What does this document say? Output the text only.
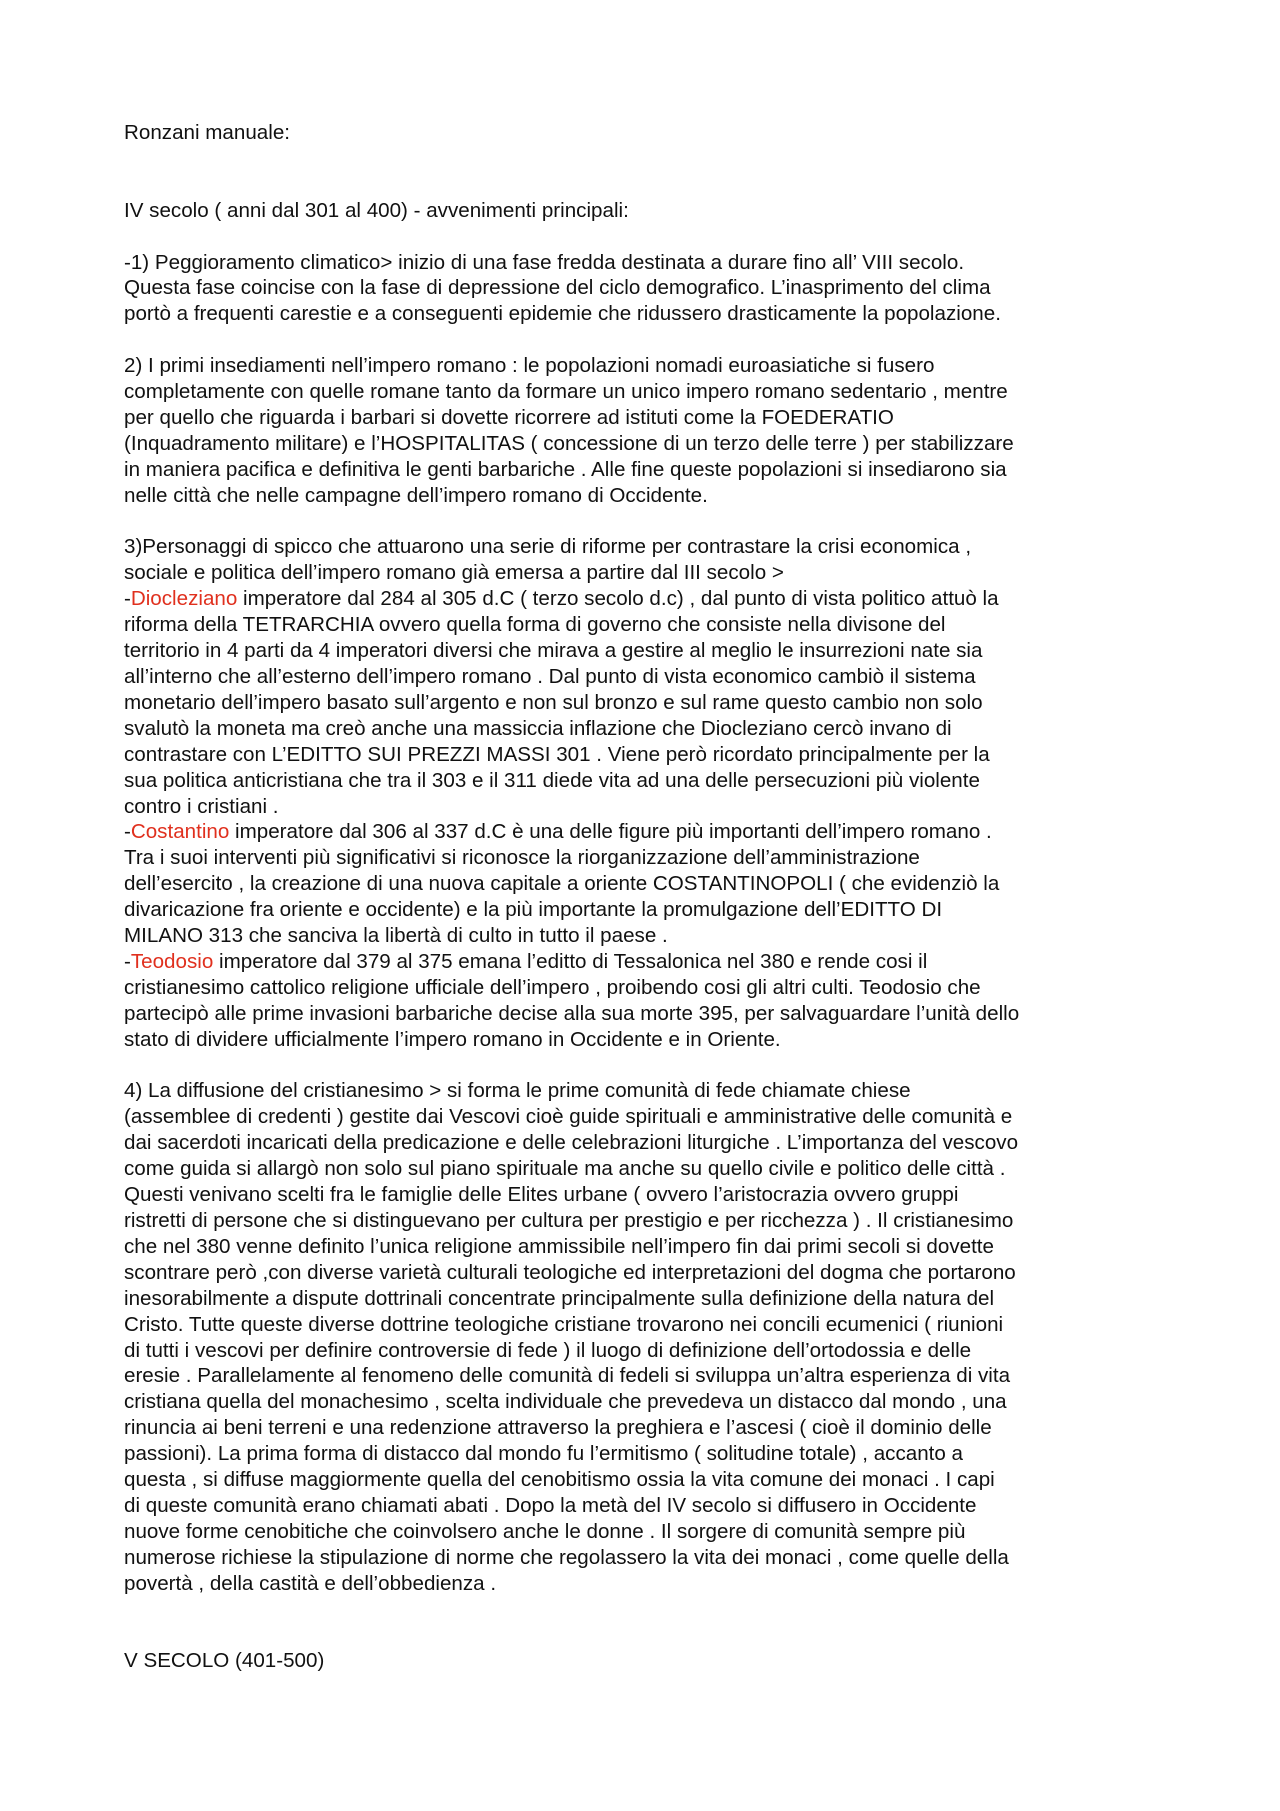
Ronzani manuale:

IV secolo ( anni dal 301 al 400) - avvenimenti principali:

-1) Peggioramento climatico> inizio di una fase fredda destinata a durare fino all’ VIII secolo.

Questa fase coincise con la fase di depressione del ciclo demografico. L’inasprimento del clima

portò a frequenti carestie e a conseguenti epidemie che ridussero drasticamente la popolazione.

2) I primi insediamenti nell’impero romano : le popolazioni nomadi euroasiatiche si fusero

completamente con quelle romane tanto da formare un unico impero romano sedentario , mentre

per quello che riguarda i barbari si dovette ricorrere ad istituti come la FOEDERATIO

(Inquadramento militare) e l’HOSPITALITAS ( concessione di un terzo delle terre ) per stabilizzare

in maniera pacifica e definitiva le genti barbariche . Alle fine queste popolazioni si insediarono sia

nelle città che nelle campagne dell’impero romano di Occidente.

3)Personaggi di spicco che attuarono una serie di riforme per contrastare la crisi economica ,

sociale e politica dell’impero romano già emersa a partire dal III secolo >

-Diocleziano imperatore dal 284 al 305 d.C ( terzo secolo d.c) , dal punto di vista politico attuò la

riforma della TETRARCHIA ovvero quella forma di governo che consiste nella divisone del

territorio in 4 parti da 4 imperatori diversi che mirava a gestire al meglio le insurrezioni nate sia

all’interno che all’esterno dell’impero romano . Dal punto di vista economico cambiò il sistema

monetario dell’impero basato sull’argento e non sul bronzo e sul rame questo cambio non solo

svalutò la moneta ma creò anche una massiccia inflazione che Diocleziano cercò invano di

contrastare con L’EDITTO SUI PREZZI MASSI 301 . Viene però ricordato principalmente per la

sua politica anticristiana che tra il 303 e il 311 diede vita ad una delle persecuzioni più violente

contro i cristiani .

-Costantino imperatore dal 306 al 337 d.C è una delle figure più importanti dell’impero romano .

Tra i suoi interventi più significativi si riconosce la riorganizzazione dell’amministrazione

dell’esercito , la creazione di una nuova capitale a oriente COSTANTINOPOLI ( che evidenziò la

divaricazione fra oriente e occidente) e la più importante la promulgazione dell’EDITTO DI

MILANO 313 che sanciva la libertà di culto in tutto il paese .

-Teodosio imperatore dal 379 al 375 emana l’editto di Tessalonica nel 380 e rende cosi il

cristianesimo cattolico religione ufficiale dell’impero , proibendo cosi gli altri culti. Teodosio che

partecipò alle prime invasioni barbariche decise alla sua morte 395, per salvaguardare l’unità dello

stato di dividere ufficialmente l’impero romano in Occidente e in Oriente.

4) La diffusione del cristianesimo > si forma le prime comunità di fede chiamate chiese

(assemblee di credenti ) gestite dai Vescovi cioè guide spirituali e amministrative delle comunità e

dai sacerdoti incaricati della predicazione e delle celebrazioni liturgiche . L’importanza del vescovo

come guida si allargò non solo sul piano spirituale ma anche su quello civile e politico delle città .

Questi venivano scelti fra le famiglie delle Elites urbane ( ovvero l’aristocrazia ovvero gruppi

ristretti di persone che si distinguevano per cultura per prestigio e per ricchezza ) . Il cristianesimo

che nel 380 venne definito l’unica religione ammissibile nell’impero fin dai primi secoli si dovette

scontrare però ,con diverse varietà culturali teologiche ed interpretazioni del dogma che portarono

inesorabilmente a dispute dottrinali concentrate principalmente sulla definizione della natura del

Cristo. Tutte queste diverse dottrine teologiche cristiane trovarono nei concili ecumenici ( riunioni

di tutti i vescovi per definire controversie di fede ) il luogo di definizione dell’ortodossia e delle

eresie . Parallelamente al fenomeno delle comunità di fedeli si sviluppa un’altra esperienza di vita

cristiana quella del monachesimo , scelta individuale che prevedeva un distacco dal mondo , una

rinuncia ai beni terreni e una redenzione attraverso la preghiera e l’ascesi ( cioè il dominio delle

passioni). La prima forma di distacco dal mondo fu l’ermitismo ( solitudine totale) , accanto a

questa , si diffuse maggiormente quella del cenobitismo ossia la vita comune dei monaci . I capi

di queste comunità erano chiamati abati . Dopo la metà del IV secolo si diffusero in Occidente

nuove forme cenobitiche che coinvolsero anche le donne . Il sorgere di comunità sempre più

numerose richiese la stipulazione di norme che regolassero la vita dei monaci , come quelle della

povertà , della castità e dell’obbedienza .

V SECOLO (401-500)
